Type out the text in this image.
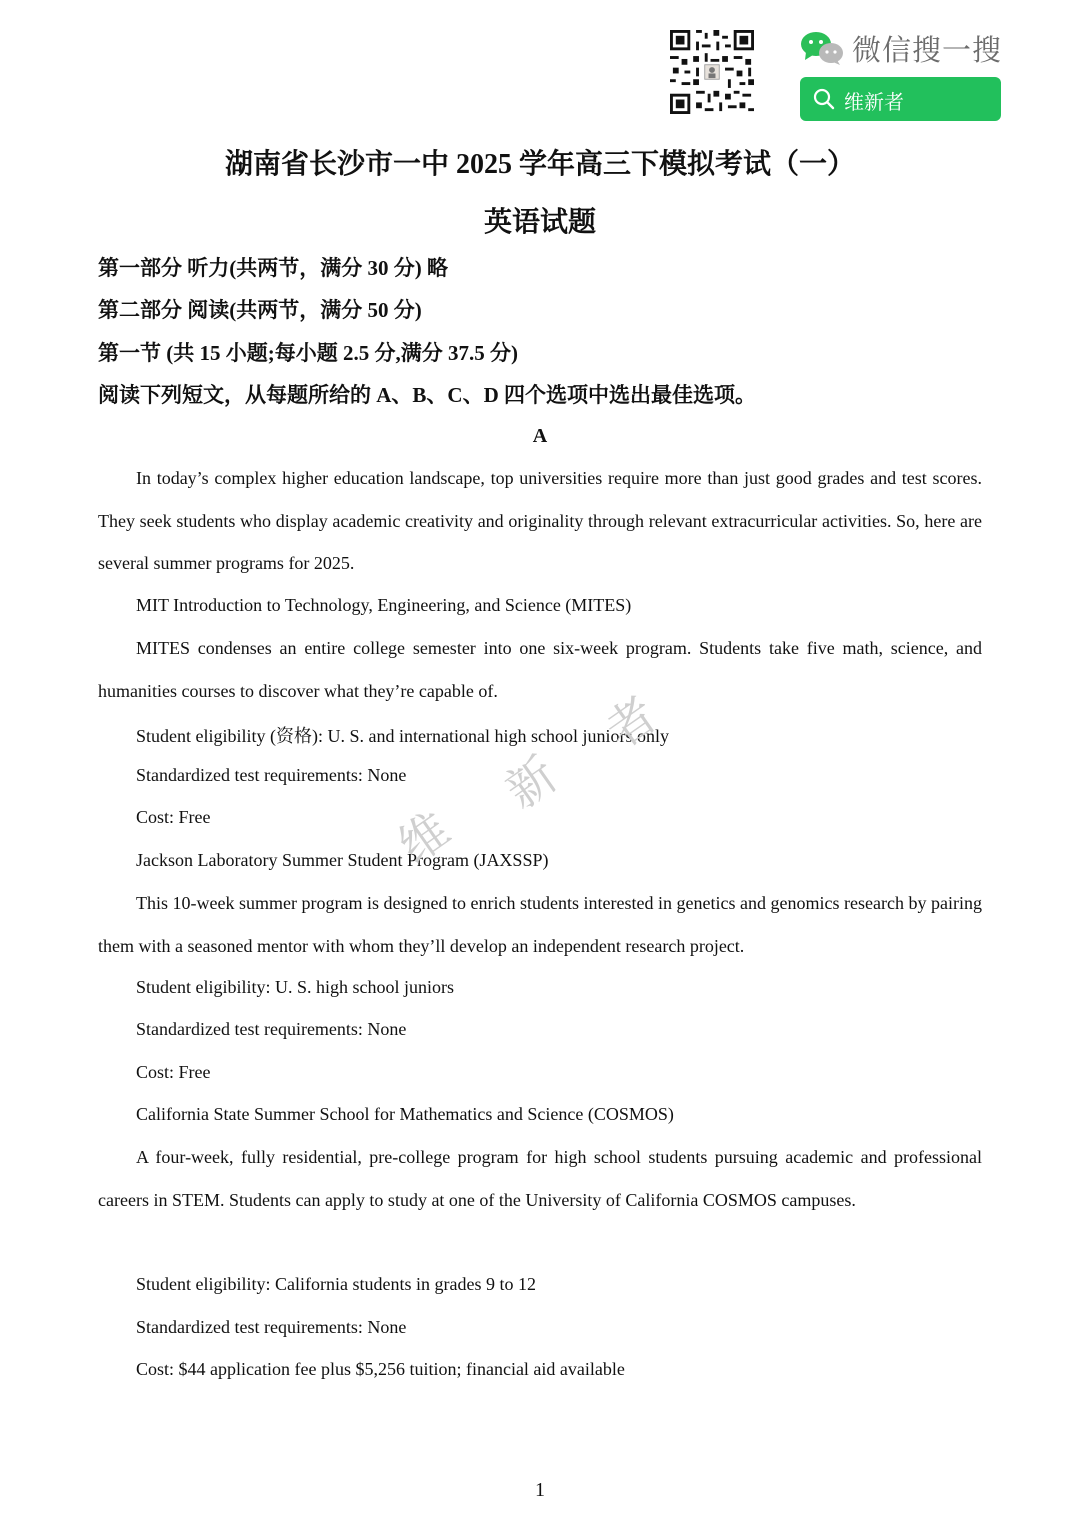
微信搜一搜
维新者
湖南省长沙市一中 2025 学年高三下模拟考试（一）
英语试题
第一部分 听力(共两节，满分 30 分) 略
第二部分 阅读(共两节，满分 50 分)
第一节 (共 15 小题;每小题 2.5 分,满分 37.5 分)
阅读下列短文，从每题所给的 A、B、C、D 四个选项中选出最佳选项。
A
In today’s complex higher education landscape, top universities require more than just good grades and test scores. They seek students who display academic creativity and originality through relevant extracurricular activities. So, here are several summer programs for 2025.
MIT Introduction to Technology, Engineering, and Science (MITES)
MITES condenses an entire college semester into one six-week program. Students take five math, science, and humanities courses to discover what they’re capable of.
Student eligibility (资格): U. S. and international high school juniors only
Standardized test requirements: None
Cost: Free
Jackson Laboratory Summer Student Program (JAXSSP)
This 10-week summer program is designed to enrich students interested in genetics and genomics research by pairing them with a seasoned mentor with whom they’ll develop an independent research project.
Student eligibility: U. S. high school juniors
Standardized test requirements: None
Cost: Free
California State Summer School for Mathematics and Science (COSMOS)
A four-week, fully residential, pre-college program for high school students pursuing academic and professional careers in STEM. Students can apply to study at one of the University of California COSMOS campuses.
Student eligibility: California students in grades 9 to 12
Standardized test requirements: None
Cost: $44 application fee plus $5,256 tuition; financial aid available
维
新
者
1
